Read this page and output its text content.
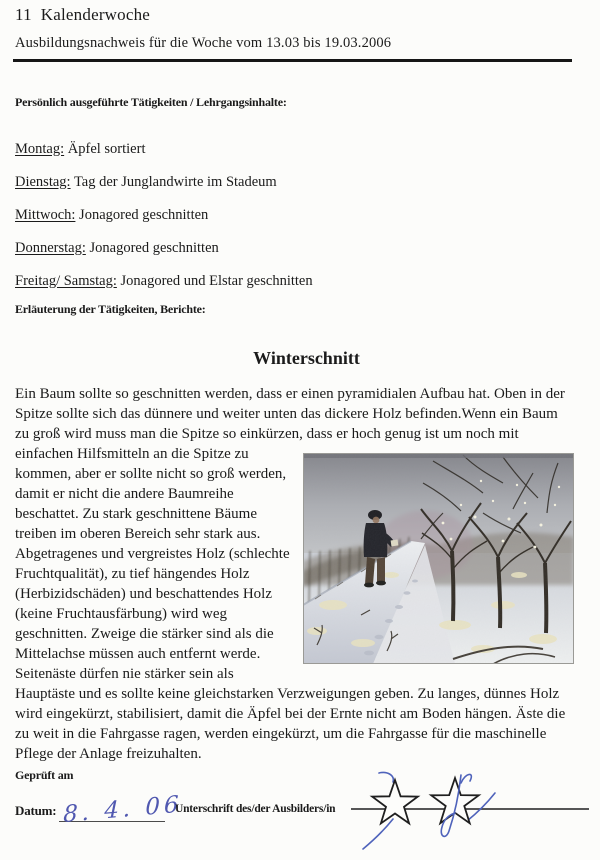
11 Kalenderwoche
Ausbildungsnachweis für die Woche vom 13.03 bis 19.03.2006
Persönlich ausgeführte Tätigkeiten / Lehrgangsinhalte:
Montag: Äpfel sortiert
Dienstag: Tag der Junglandwirte im Stadeum
Mittwoch: Jonagored geschnitten
Donnerstag: Jonagored geschnitten
Freitag/ Samstag: Jonagored und Elstar geschnitten
Erläuterung der Tätigkeiten, Berichte:
Winterschnitt

Ein Baum sollte so geschnitten werden, dass er einen pyramidialen Aufbau hat. Oben in der Spitze sollte sich das dünnere und weiter unten das dickere Holz befinden.Wenn ein Baum zu groß wird muss man die Spitze so einkürzen, dass er hoch genug ist um noch mit einfachen Hilfsmitteln an die Spitze zu kommen, aber er sollte nicht so groß werden, damit er nicht die andere Baumreihe beschattet. Zu stark geschnittene Bäume treiben im oberen Bereich sehr stark aus. Abgetragenes und vergreistes Holz (schlechte Fruchtqualität), zu tief hängendes Holz (Herbizidschäden) und beschattendes Holz (keine Fruchtausfärbung) wird weg geschnitten. Zweige die stärker sind als die Mittelachse müssen auch entfernt werde. Seitenäste dürfen nie stärker sein als Hauptäste und es sollte keine gleichstarken Verzweigungen geben. Zu langes, dünnes Holz wird eingekürzt, stabilisiert, damit die Äpfel bei der Ernte nicht am Boden hängen. Äste die zu weit in die Fahrgasse ragen, werden eingekürzt, um die Fahrgasse für die maschinelle Pflege der Anlage freizuhalten.

Geprüft am
Datum: 8. 4. 06
Unterschrift des/der Ausbilders/in
